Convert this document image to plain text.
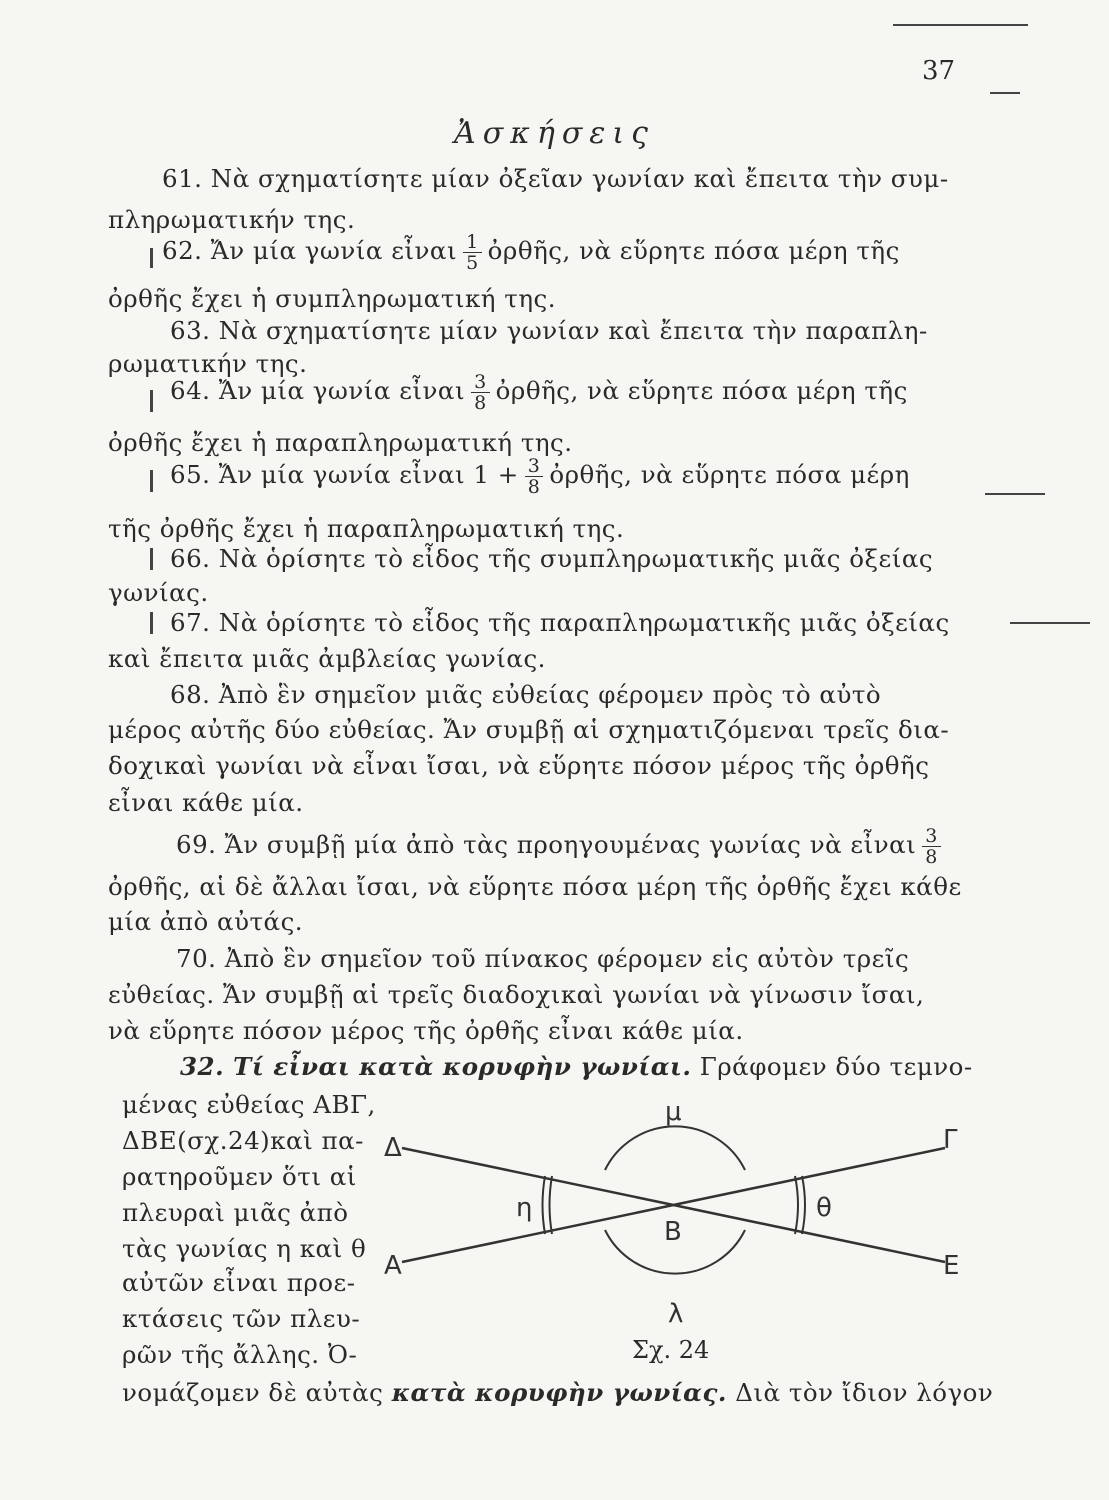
37
Ἀσκήσεις
61. Νὰ σχηματίσητε μίαν ὀξεῖαν γωνίαν καὶ ἔπειτα τὴν συμ-
πληρωματικήν της.
62. Ἄν μία γωνία εἶναι $\frac{1}{5}$ ὀρθῆς, νὰ εὕρητε πόσα μέρη τῆς
ὀρθῆς ἔχει ἡ συμπληρωματική της.
63. Νὰ σχηματίσητε μίαν γωνίαν καὶ ἔπειτα τὴν παραπλη-
ρωματικήν της.
64. Ἄν μία γωνία εἶναι $\frac{3}{8}$ ὀρθῆς, νὰ εὕρητε πόσα μέρη τῆς
ὀρθῆς ἔχει ἡ παραπληρωματική της.
65. Ἄν μία γωνία εἶναι $1 + \frac{3}{8}$ ὀρθῆς, νὰ εὕρητε πόσα μέρη
τῆς ὀρθῆς ἔχει ἡ παραπληρωματική της.
66. Νὰ ὁρίσητε τὸ εἶδος τῆς συμπληρωματικῆς μιᾶς ὀξείας
γωνίας.
67. Νὰ ὁρίσητε τὸ εἶδος τῆς παραπληρωματικῆς μιᾶς ὀξείας
καὶ ἔπειτα μιᾶς ἀμβλείας γωνίας.
68. Ἀπὸ ἓν σημεῖον μιᾶς εὐθείας φέρομεν πρὸς τὸ αὐτὸ
μέρος αὐτῆς δύο εὐθείας. Ἄν συμβῇ αἱ σχηματιζόμεναι τρεῖς δια-
δοχικαὶ γωνίαι νὰ εἶναι ἴσαι, νὰ εὕρητε πόσον μέρος τῆς ὀρθῆς
εἶναι κάθε μία.
69. Ἄν συμβῇ μία ἀπὸ τὰς προηγουμένας γωνίας νὰ εἶναι $\frac{3}{8}$
ὀρθῆς, αἱ δὲ ἄλλαι ἴσαι, νὰ εὕρητε πόσα μέρη τῆς ὀρθῆς ἔχει κάθε
μία ἀπὸ αὐτάς.
70. Ἀπὸ ἓν σημεῖον τοῦ πίνακος φέρομεν εἰς αὐτὸν τρεῖς
εὐθείας. Ἄν συμβῇ αἱ τρεῖς διαδοχικαὶ γωνίαι νὰ γίνωσιν ἴσαι,
νὰ εὕρητε πόσον μέρος τῆς ὀρθῆς εἶναι κάθε μία.
32. Τί εἶναι κατὰ κορυφὴν γωνίαι. Γράφομεν δύο τεμνο-
μένας εὐθείας ΑΒΓ,
ΔΒΕ(σχ.24)καὶ πα-
ρατηροῦμεν ὅτι αἱ
πλευραὶ μιᾶς ἀπὸ
τὰς γωνίας η καὶ θ
αὐτῶν εἶναι προε-
κτάσεις τῶν πλευ-
ρῶν τῆς ἄλλης. Ὀ-
νομάζομεν δὲ αὐτὰς κατὰ κορυφὴν γωνίας. Διὰ τὸν ἴδιον λόγον
Δ	Γ
Α	Ε
Β
η	θ
μ
λ
Σχ. 24
